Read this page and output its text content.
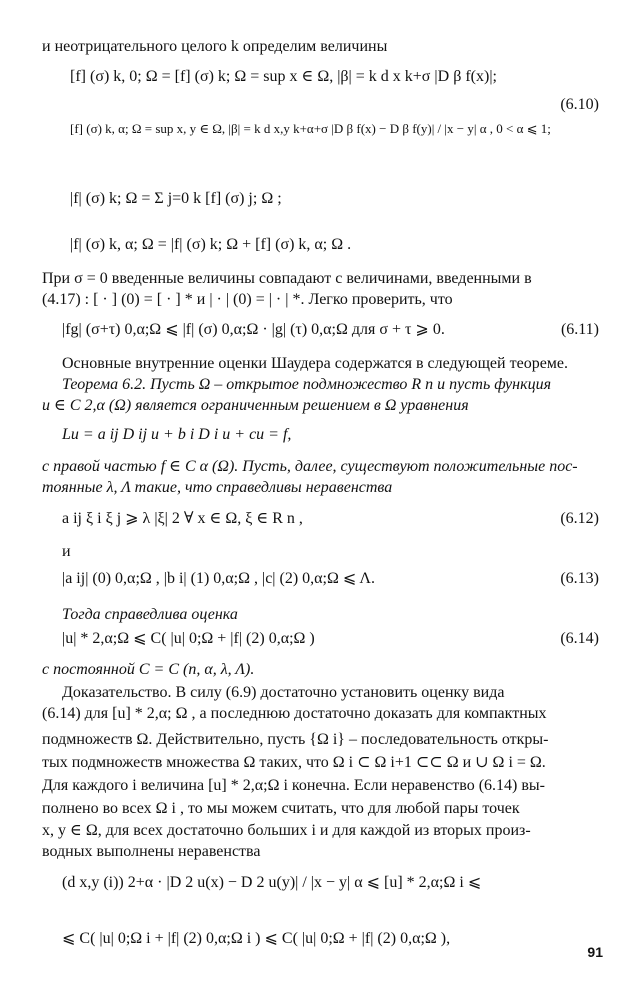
и неотрицательного целого k определим величины
[f] (σ) k, 0; Ω = [f] (σ) k; Ω = sup x ∈ Ω, |β| = k d x k+σ |D β f(x)|;
(6.10)
[f] (σ) k, α; Ω = sup x, y ∈ Ω, |β| = k d x,y k+α+σ |D β f(x) − D β f(y)| / |x − y| α , 0 < α ⩽ 1;
|f| (σ) k; Ω = Σ j=0 k [f] (σ) j; Ω ;
|f| (σ) k, α; Ω = |f| (σ) k; Ω + [f] (σ) k, α; Ω .
При σ = 0 введенные величины совпадают с величинами, введенными в
(4.17) : [ · ] (0) = [ · ] * и | · | (0) = | · | *. Легко проверить, что
|fg| (σ+τ) 0,α;Ω ⩽ |f| (σ) 0,α;Ω · |g| (τ) 0,α;Ω для σ + τ ⩾ 0.	(6.11)
Основные внутренние оценки Шаудера содержатся в следующей теореме.
Теорема 6.2. Пусть Ω – открытое подмножество R n и пусть функция
u ∈ C 2,α (Ω) является ограниченным решением в Ω уравнения
Lu = a ij D ij u + b i D i u + cu = f,
с правой частью f ∈ C α (Ω). Пусть, далее, существуют положительные пос-
тоянные λ, Λ такие, что справедливы неравенства
a ij ξ i ξ j ⩾ λ |ξ| 2 ∀ x ∈ Ω, ξ ∈ R n ,	(6.12)
и
|a ij| (0) 0,α;Ω , |b i| (1) 0,α;Ω , |c| (2) 0,α;Ω ⩽ Λ.	(6.13)
Тогда справедлива оценка
|u| * 2,α;Ω ⩽ C( |u| 0;Ω + |f| (2) 0,α;Ω )	(6.14)
с постоянной C = C (n, α, λ, Λ).
Доказательство. В силу (6.9) достаточно установить оценку вида
(6.14) для [u] * 2,α; Ω , а последнюю достаточно доказать для компактных
подмножеств Ω. Действительно, пусть {Ω i} – последовательность откры-
тых подмножеств множества Ω таких, что Ω i ⊂ Ω i+1 ⊂⊂ Ω и ∪ Ω i = Ω.
Для каждого i величина [u] * 2,α;Ω i конечна. Если неравенство (6.14) вы-
полнено во всех Ω i , то мы можем считать, что для любой пары точек
x, y ∈ Ω, для всех достаточно больших i и для каждой из вторых произ-
водных выполнены неравенства
(d x,y (i)) 2+α · |D 2 u(x) − D 2 u(y)| / |x − y| α ⩽ [u] * 2,α;Ω i ⩽
⩽ C( |u| 0;Ω i + |f| (2) 0,α;Ω i ) ⩽ C( |u| 0;Ω + |f| (2) 0,α;Ω ),
91
